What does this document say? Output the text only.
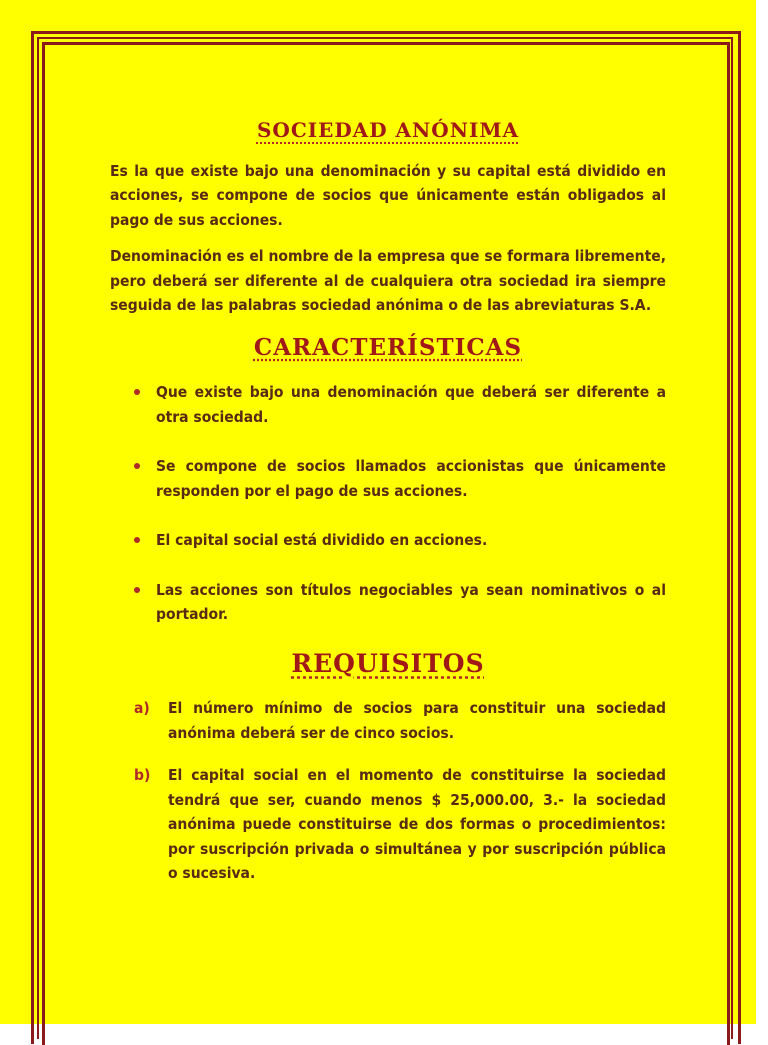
SOCIEDAD ANÓNIMA

Es la que existe bajo una denominación y su capital está dividido en acciones, se compone de socios que únicamente están obligados al pago de sus acciones.

Denominación es el nombre de la empresa que se formara libremente, pero deberá ser diferente al de cualquiera otra sociedad ira siempre seguida de las palabras sociedad anónima o de las abreviaturas S.A.

CARACTERÍSTICAS
Que existe bajo una denominación que deberá ser diferente a otra sociedad.
Se compone de socios llamados accionistas que únicamente responden por el pago de sus acciones.
El capital social está dividido en acciones.
Las acciones son títulos negociables ya sean nominativos o al portador.
REQUISITOS
a) El número mínimo de socios para constituir una sociedad anónima deberá ser de cinco socios.
b) El capital social en el momento de constituirse la sociedad tendrá que ser, cuando menos $ 25,000.00, 3.- la sociedad anónima puede constituirse de dos formas o procedimientos: por suscripción privada o simultánea y por suscripción pública o sucesiva.
